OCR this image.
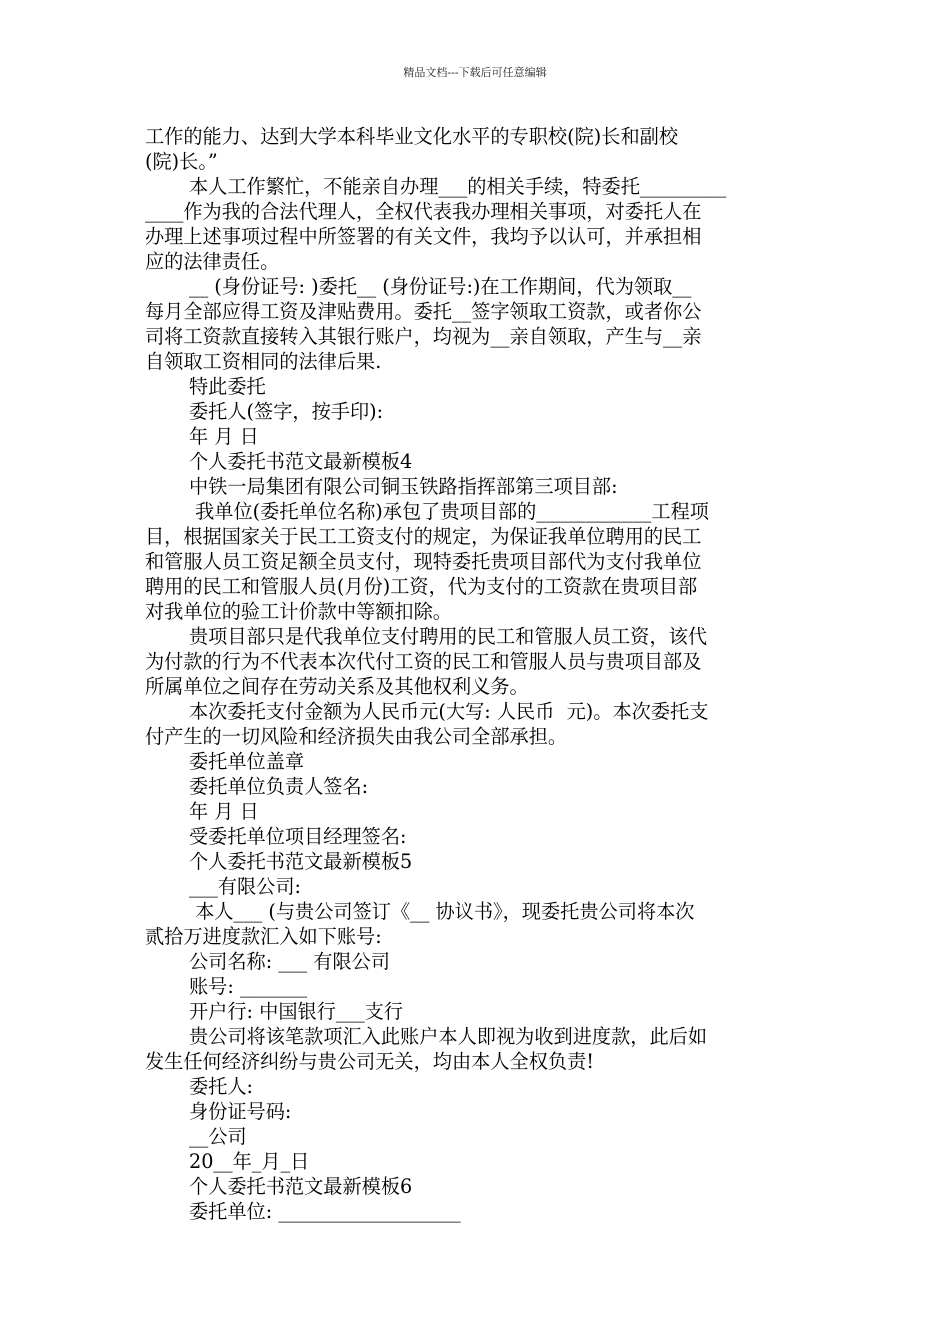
精品文档---下载后可任意编辑
工作的能力、达到大学本科毕业文化水平的专职校(院)长和副校
(院)长。”
本人工作繁忙，不能亲自办理___的相关手续，特委托_________
____作为我的合法代理人，全权代表我办理相关事项，对委托人在
办理上述事项过程中所签署的有关文件，我均予以认可，并承担相
应的法律责任。
__ (身份证号: )委托__ (身份证号:)在工作期间，代为领取__
每月全部应得工资及津贴费用。委托__签字领取工资款，或者你公
司将工资款直接转入其银行账户，均视为__亲自领取，产生与__亲
自领取工资相同的法律后果.
特此委托
委托人(签字，按手印):
年 月 日
个人委托书范文最新模板4
中铁一局集团有限公司铜玉铁路指挥部第三项目部:
我单位(委托单位名称)承包了贵项目部的____________工程项
目，根据国家关于民工工资支付的规定，为保证我单位聘用的民工
和管服人员工资足额全员支付，现特委托贵项目部代为支付我单位
聘用的民工和管服人员(月份)工资，代为支付的工资款在贵项目部
对我单位的验工计价款中等额扣除。
贵项目部只是代我单位支付聘用的民工和管服人员工资，该代
为付款的行为不代表本次代付工资的民工和管服人员与贵项目部及
所属单位之间存在劳动关系及其他权利义务。
本次委托支付金额为人民币元(大写: 人民币  元)。本次委托支
付产生的一切风险和经济损失由我公司全部承担。
委托单位盖章
委托单位负责人签名:
年 月 日
受委托单位项目经理签名:
个人委托书范文最新模板5
___有限公司:
本人___ (与贵公司签订《__ 协议书》，现委托贵公司将本次
贰拾万进度款汇入如下账号:
公司名称: ___ 有限公司
账号: _______
开户行: 中国银行___支行
贵公司将该笔款项汇入此账户本人即视为收到进度款，此后如
发生任何经济纠纷与贵公司无关，均由本人全权负责!
委托人:
身份证号码:
__公司
20__年_月_日
个人委托书范文最新模板6
委托单位: ___________________
